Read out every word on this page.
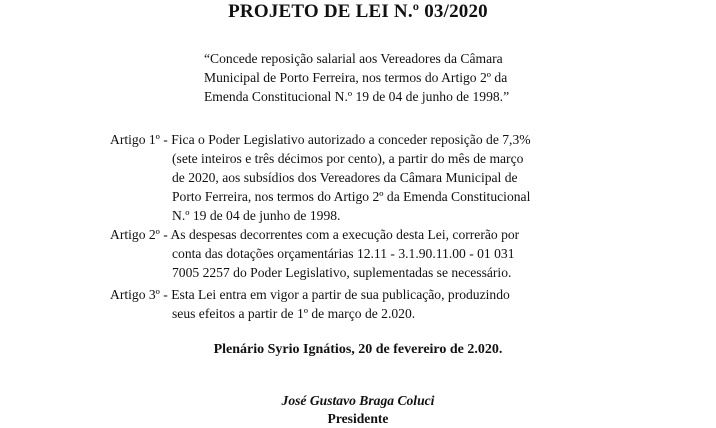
PROJETO DE LEI N.º 03/2020

“Concede reposição salarial aos Vereadores da Câmara
Municipal de Porto Ferreira, nos termos do Artigo 2º da
Emenda Constitucional N.º 19 de 04 de junho de 1998.”

Artigo 1º - Fica o Poder Legislativo autorizado a conceder reposição de 7,3%
(sete inteiros e três décimos por cento), a partir do mês de março
de 2020, aos subsídios dos Vereadores da Câmara Municipal de
Porto Ferreira, nos termos do Artigo 2º da Emenda Constitucional
N.º 19 de 04 de junho de 1998.

Artigo 2º - As despesas decorrentes com a execução desta Lei, correrão por
conta das dotações orçamentárias 12.11 - 3.1.90.11.00 - 01 031
7005 2257 do Poder Legislativo, suplementadas se necessário.

Artigo 3º - Esta Lei entra em vigor a partir de sua publicação, produzindo
seus efeitos a partir de 1º de março de 2.020.

Plenário Syrio Ignátios, 20 de fevereiro de 2.020.

José Gustavo Braga Coluci
Presidente
